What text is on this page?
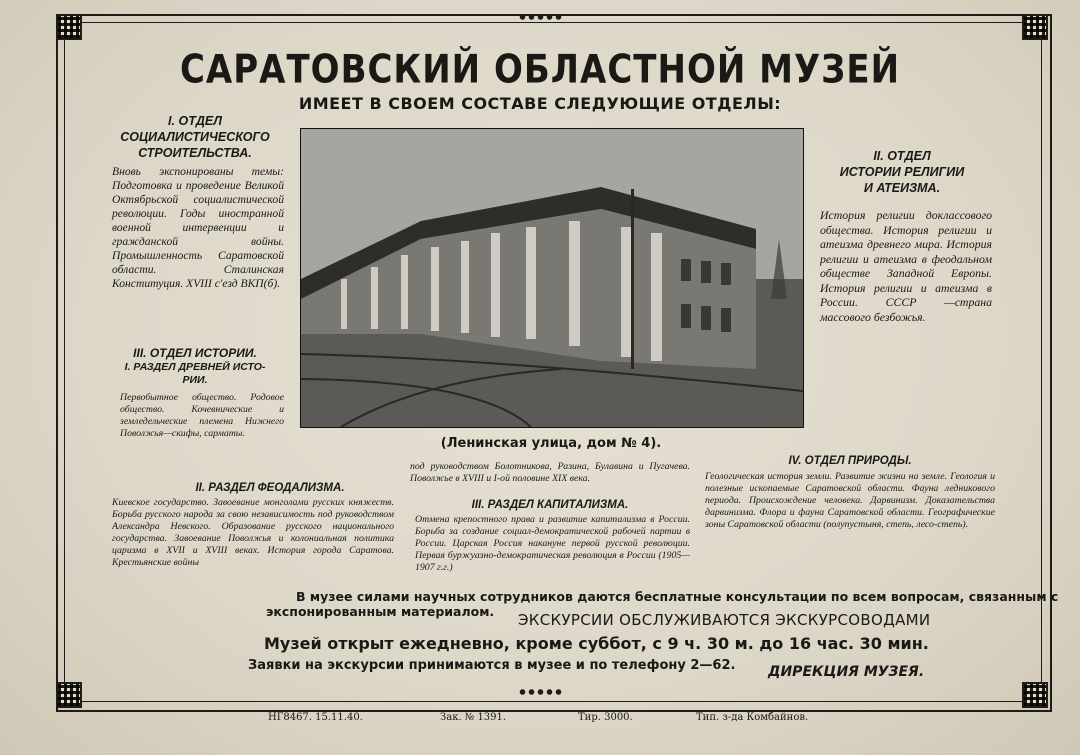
САРАТОВСКИЙ ОБЛАСТНОЙ МУЗЕЙ
ИМЕЕТ В СВОЕМ СОСТАВЕ СЛЕДУЮЩИЕ ОТДЕЛЫ:
I. ОТДЕЛ
СОЦИАЛИСТИЧЕСКОГО
СТРОИТЕЛЬСТВА.
Вновь экспонированы темы: Подготовка и проведение Великой Октябрьской социалистической революции. Годы иностранной военной интервенции и гражданской войны. Промышленность Саратовской области. Сталинская Конституция. XVIII с'езд ВКП(б).
III. ОТДЕЛ ИСТОРИИ.
I. РАЗДЕЛ ДРЕВНЕЙ ИСТО-
РИИ.
Первобытное общество. Родовое общество. Кочевнические и земледельческие племена Нижнего Поволжья—скифы, сарматы.
II. ОТДЕЛ
ИСТОРИИ РЕЛИГИИ
И АТЕИЗМА.
История религии доклассового общества. История религии и атеизма древнего мира. История религии и атеизма в феодальном обществе Западной Европы. История религии и атеизма в России. СССР —страна массового безбожья.
(Ленинская улица, дом № 4).
II. РАЗДЕЛ ФЕОДАЛИЗМА.
Киевское государство. Завоевание монголами русских княжеств. Борьба русского народа за свою независимость под руководством Александра Невского. Образование русского национального государства. Завоевание Поволжья и колониальная политика царизма в XVII и XVIII веках. История города Саратова. Крестьянские войны
под руководством Болотникова, Разина, Булавина и Пугачева. Поволжье в XVIII и I-ой половине XIX века.
III. РАЗДЕЛ КАПИТАЛИЗМА.
Отмена крепостного права и развитие капитализма в России. Борьба за создание социал-демократической рабочей партии в России. Царская Россия накануне первой русской революции. Первая буржуазно-демократическая революция в России (1905—1907 г.г.)
IV. ОТДЕЛ ПРИРОДЫ.
Геологическая история земли. Развитие жизни на земле. Геология и полезные ископаемые Саратовской области. Фауна ледникового периода. Происхождение человека. Дарвинизм. Доказательства дарвинизма. Флора и фауна Саратовской области. Географические зоны Саратовской области (полупустыня, степь, лесо-степь).
В музее силами научных сотрудников даются бесплатные консультации по всем вопросам, связанным с
экспонированным материалом. ЭКСКУРСИИ ОБСЛУЖИВАЮТСЯ ЭКСКУРСОВОДАМИ
Музей открыт ежедневно, кроме суббот, с 9 ч. 30 м. до 16 час. 30 мин.
Заявки на экскурсии принимаются в музее и по телефону 2—62. ДИРЕКЦИЯ МУЗЕЯ.
НГ8467. 15.11.40.	Зак. № 1391.	Тир. 3000.	Тип. з-да Комбайнов.
